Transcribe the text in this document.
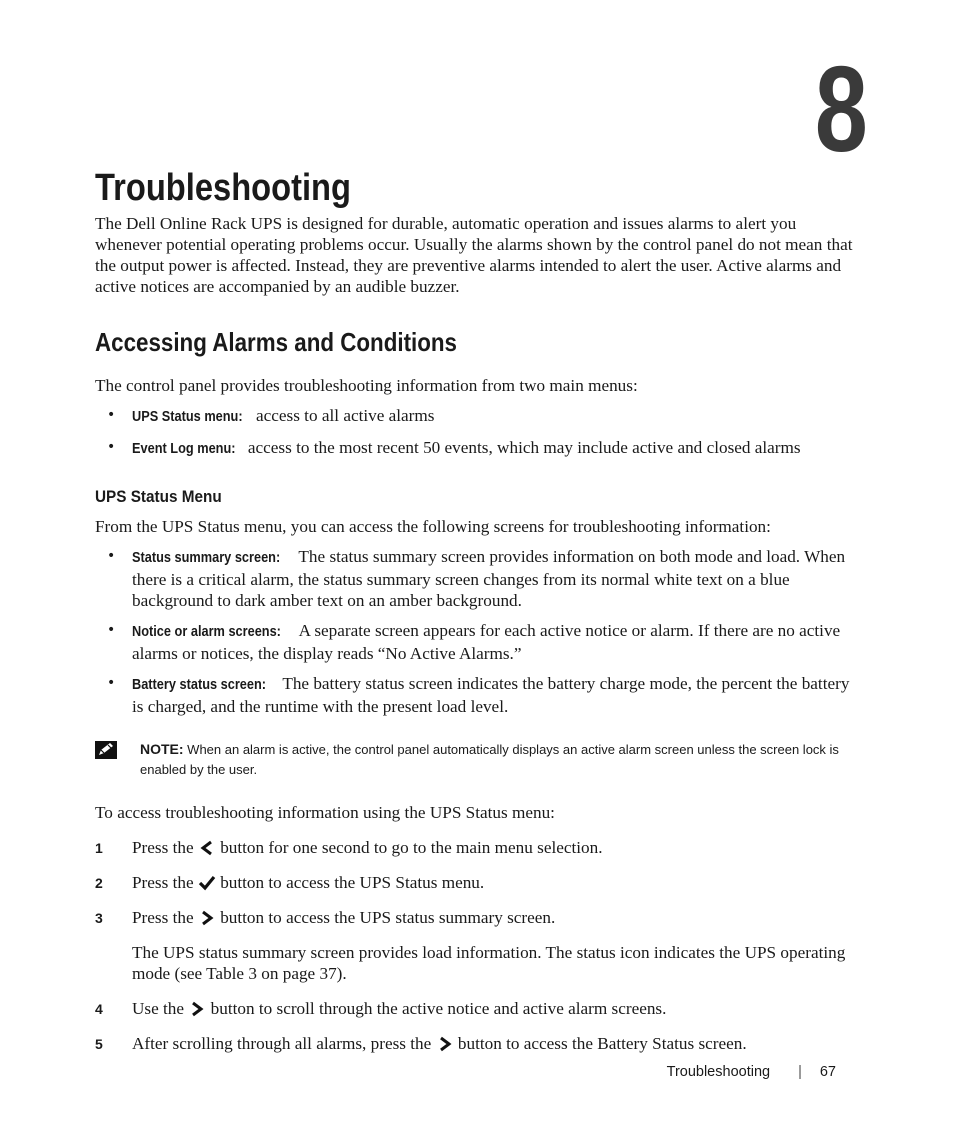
8
Troubleshooting

The Dell Online Rack UPS is designed for durable, automatic operation and issues alarms to alert you whenever potential operating problems occur. Usually the alarms shown by the control panel do not mean that the output power is affected. Instead, they are preventive alarms intended to alert the user. Active alarms and active notices are accompanied by an audible buzzer.

Accessing Alarms and Conditions

The control panel provides troubleshooting information from two main menus:

• UPS Status menu: access to all active alarms
• Event Log menu: access to the most recent 50 events, which may include active and closed alarms
UPS Status Menu

From the UPS Status menu, you can access the following screens for troubleshooting information:

• Status summary screen: The status summary screen provides information on both mode and load. When there is a critical alarm, the status summary screen changes from its normal white text on a blue background to dark amber text on an amber background.
• Notice or alarm screens: A separate screen appears for each active notice or alarm. If there are no active alarms or notices, the display reads “No Active Alarms.”
• Battery status screen: The battery status screen indicates the battery charge mode, the percent the battery is charged, and the runtime with the present load level.
NOTE: When an alarm is active, the control panel automatically displays an active alarm screen unless the screen lock is enabled by the user.

To access troubleshooting information using the UPS Status menu:

1 Press the
button for one second to go to the main menu selection.
2 Press the
button to access the UPS Status menu.
3 Press the
button to access the UPS status summary screen.

The UPS status summary screen provides load information. The status icon indicates the UPS operating mode (see Table 3 on page 37).

4 Use the
button to scroll through the active notice and active alarm screens.
5 After scrolling through all alarms, press the
button to access the Battery Status screen.
Troubleshooting | 67
